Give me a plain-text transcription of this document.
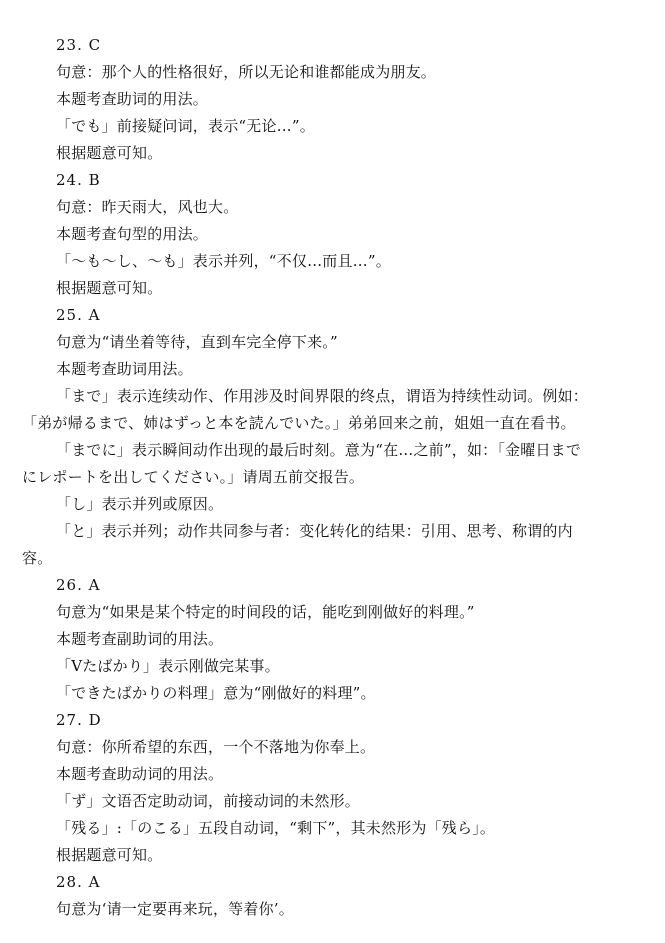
23. C
句意：那个人的性格很好，所以无论和谁都能成为朋友。
本题考查助词的用法。
「でも」前接疑问词，表示“无论…”。
根据题意可知。
24. B
句意：昨天雨大，风也大。
本题考查句型的用法。
「～も～し、～も」表示并列，“不仅…而且…”。
根据题意可知。
25. A
句意为“请坐着等待，直到车完全停下来。”
本题考查助词用法。
「まで」表示连续动作、作用涉及时间界限的终点，谓语为持续性动词。例如：
「弟が帰るまで、姉はずっと本を読んでいた。」弟弟回来之前，姐姐一直在看书。
「までに」表示瞬间动作出现的最后时刻。意为“在…之前”，如：「金曜日まで
にレポートを出してください。」请周五前交报告。
「し」表示并列或原因。
「と」表示并列；动作共同参与者：变化转化的结果：引用、思考、称谓的内
容。
26. A
句意为“如果是某个特定的时间段的话，能吃到刚做好的料理。”
本题考查副助词的用法。
「Vたばかり」表示刚做完某事。
「できたばかりの料理」意为“刚做好的料理”。
27. D
句意：你所希望的东西，一个不落地为你奉上。
本题考查助动词的用法。
「ず」文语否定助动词，前接动词的未然形。
「残る」:「のこる」五段自动词，“剩下”，其未然形为「残ら」。
根据题意可知。
28. A
句意为‘请一定要再来玩，等着你’。
